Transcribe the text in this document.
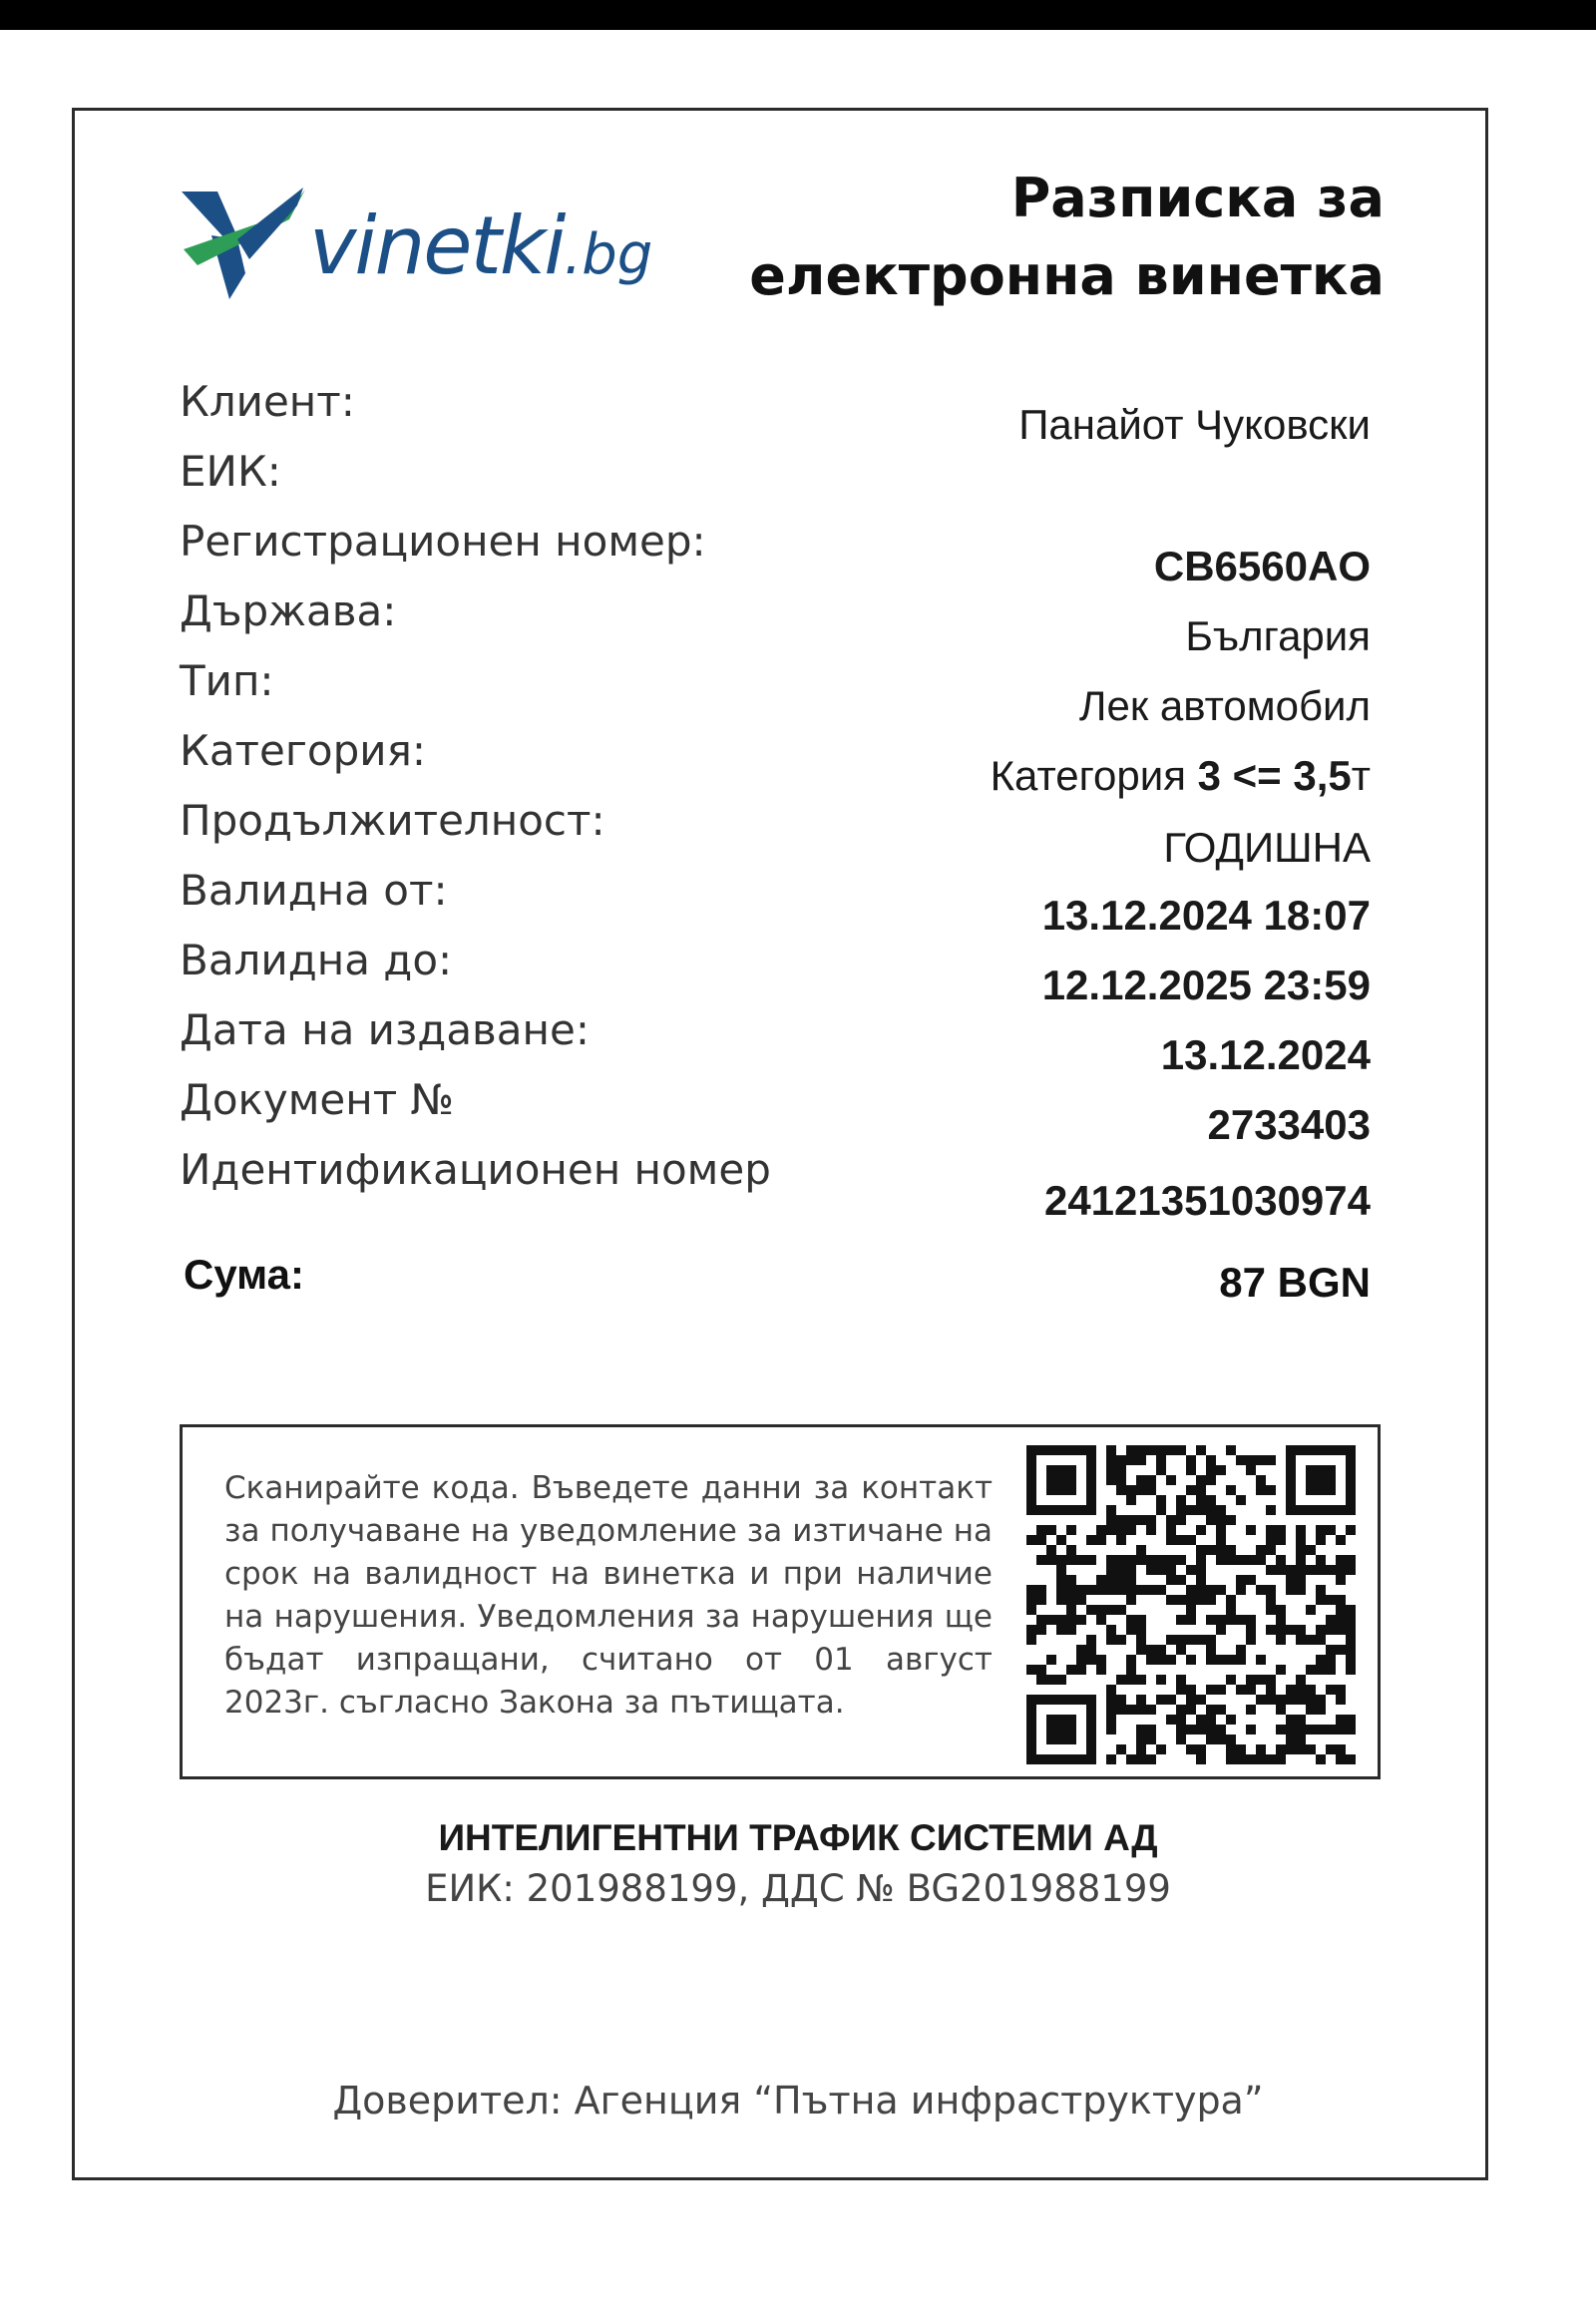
vinetki.bg
Разписка за
електронна винетка
Клиент:
ЕИК:
Регистрационен номер:
Държава:
Тип:
Категория:
Продължителност:
Валидна от:
Валидна до:
Дата на издаване:
Документ №
Идентификационен номер
Панайот Чуковски
CB6560AO
България
Лек автомобил
Категория 3 <= 3,5т
ГОДИШНА
13.12.2024 18:07
12.12.2025 23:59
13.12.2024
2733403
24121351030974
Сума:	87 BGN
Сканирайте кода. Въведете данни за контакт за получаване на уведомление за изтичане на срок на валидност на винетка и при наличие на нарушения. Уведомления за нарушения ще бъдат изпращани, считано от 01 август 2023г. съгласно Закона за пътищата.
ИНТЕЛИГЕНТНИ ТРАФИК СИСТЕМИ АД
ЕИК: 201988199, ДДС № BG201988199
Доверител: Агенция “Пътна инфраструктура”
